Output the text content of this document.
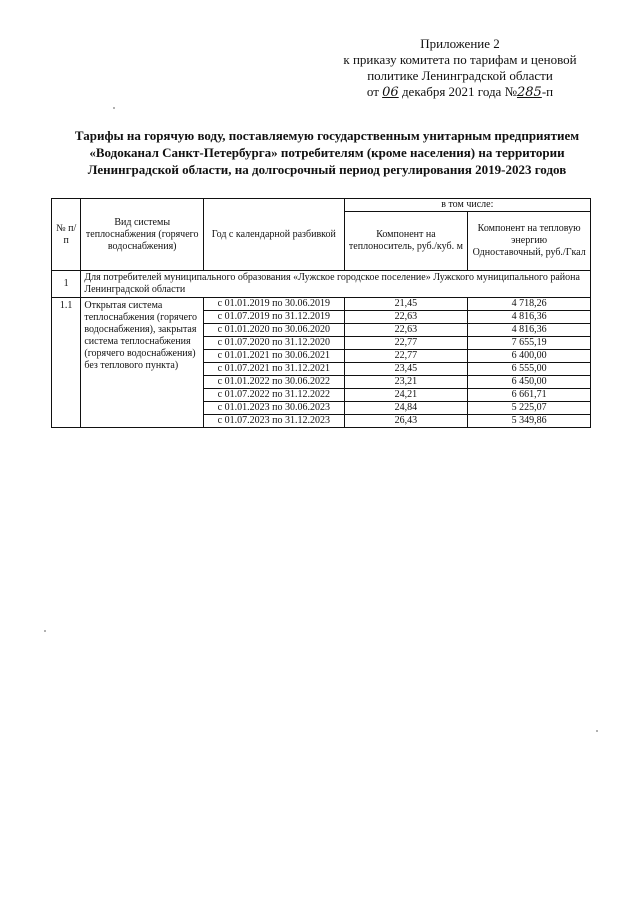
Приложение 2
к приказу комитета по тарифам и ценовой
политике Ленинградской области
от 06 декабря 2021 года №285-п
Тарифы на горячую воду, поставляемую государственным унитарным предприятием «Водоканал Санкт-Петербурга» потребителям (кроме населения) на территории Ленинградской области, на долгосрочный период регулирования 2019-2023 годов
№ п/п	Вид системы теплоснабжения (горячего водоснабжения)	Год с календарной разбивкой	в том числе:	
			Компонент на теплоноситель, руб./куб. м	Компонент на тепловую энергию
Одноставочный, руб./Гкал

1	Для потребителей муниципального образования «Лужское городское поселение» Лужского муниципального района Ленинградской области			
1.1	Открытая система теплоснабжения (горячего водоснабжения), закрытая система теплоснабжения (горячего водоснабжения) без теплового пункта)	с 01.01.2019 по 30.06.2019	21,45	4 718,26
		с 01.07.2019 по 31.12.2019	22,63	4 816,36
		с 01.01.2020 по 30.06.2020	22,63	4 816,36
		с 01.07.2020 по 31.12.2020	22,77	7 655,19
		с 01.01.2021 по 30.06.2021	22,77	6 400,00
		с 01.07.2021 по 31.12.2021	23,45	6 555,00
		с 01.01.2022 по 30.06.2022	23,21	6 450,00
		с 01.07.2022 по 31.12.2022	24,21	6 661,71
		с 01.01.2023 по 30.06.2023	24,84	5 225,07
		с 01.07.2023 по 31.12.2023	26,43	5 349,86
